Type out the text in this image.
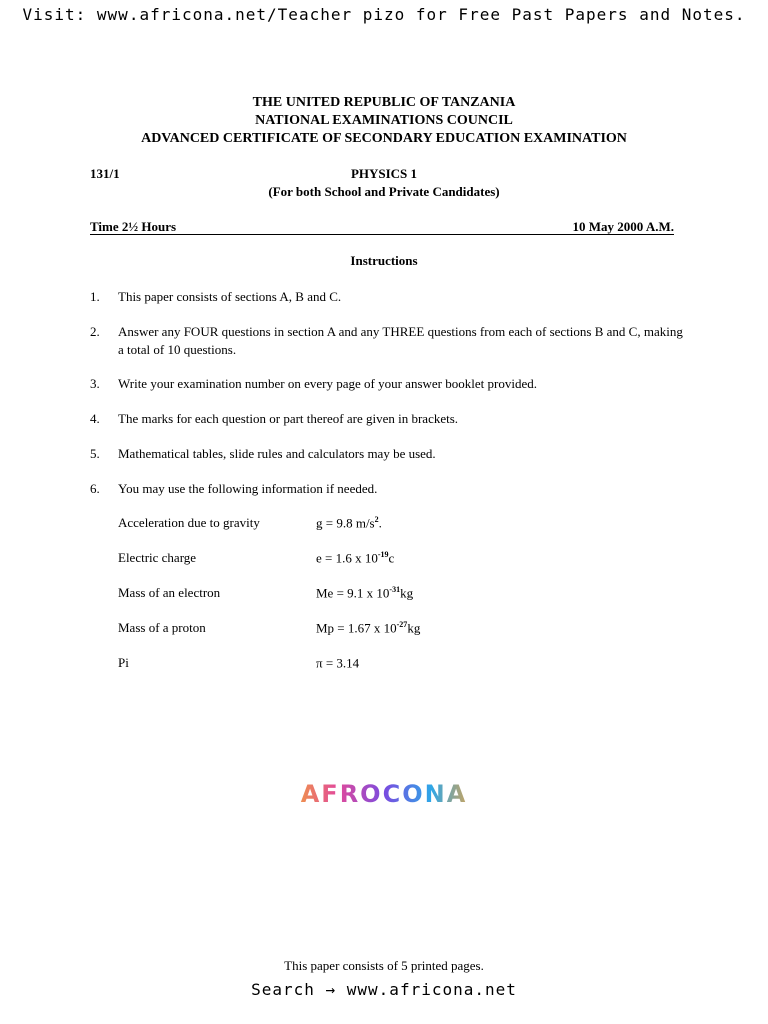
Visit: www.africona.net/Teacher pizo for Free Past Papers and Notes.
THE UNITED REPUBLIC OF TANZANIA
NATIONAL EXAMINATIONS COUNCIL
ADVANCED CERTIFICATE OF SECONDARY EDUCATION EXAMINATION
131/1	PHYSICS 1
(For both School and Private Candidates)
Time 2½ Hours	10 May 2000 A.M.
Instructions
1. This paper consists of sections A, B and C.
2. Answer any FOUR questions in section A and any THREE questions from each of sections B and C, making a total of 10 questions.
3. Write your examination number on every page of your answer booklet provided.
4. The marks for each question or part thereof are given in brackets.
5. Mathematical tables, slide rules and calculators may be used.
6. You may use the following information if needed.
Acceleration due to gravity	g = 9.8 $m/s^2$.
Electric charge	e = 1.6 x $10^{-19}c$
Mass of an electron	Me = 9.1 x $10^{-31}kg$
Mass of a proton	Mp = 1.67 x $10^{-27}kg$
Pi	π = 3.14
AFROCONA
This paper consists of 5 printed pages.
Search → www.africona.net
